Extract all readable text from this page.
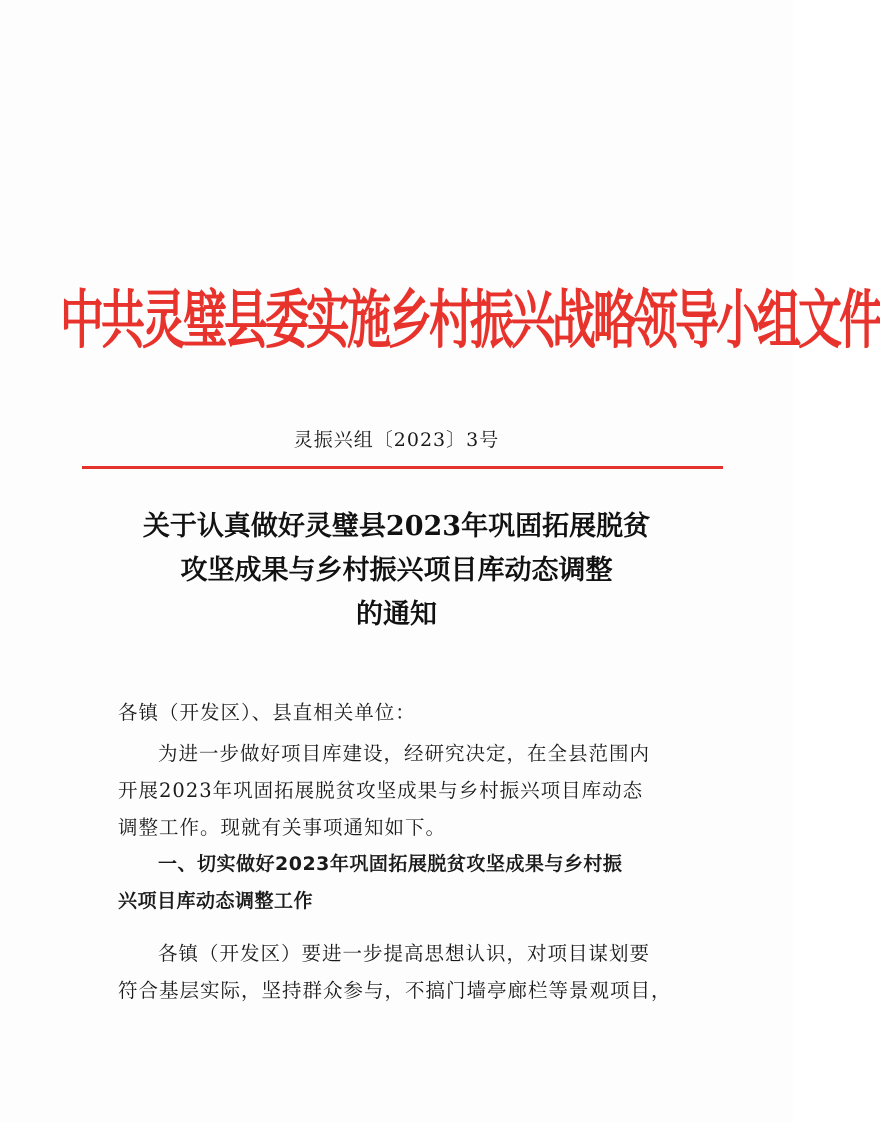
中共灵璧县委实施乡村振兴战略领导小组文件
灵振兴组〔2023〕3号
关于认真做好灵璧县2023年巩固拓展脱贫
攻坚成果与乡村振兴项目库动态调整
的通知
各镇（开发区）、县直相关单位：
为进一步做好项目库建设，经研究决定，在全县范围内
开展2023年巩固拓展脱贫攻坚成果与乡村振兴项目库动态
调整工作。现就有关事项通知如下。
一、切实做好2023年巩固拓展脱贫攻坚成果与乡村振
兴项目库动态调整工作
各镇（开发区）要进一步提高思想认识，对项目谋划要
符合基层实际，坚持群众参与，不搞门墙亭廊栏等景观项目，
